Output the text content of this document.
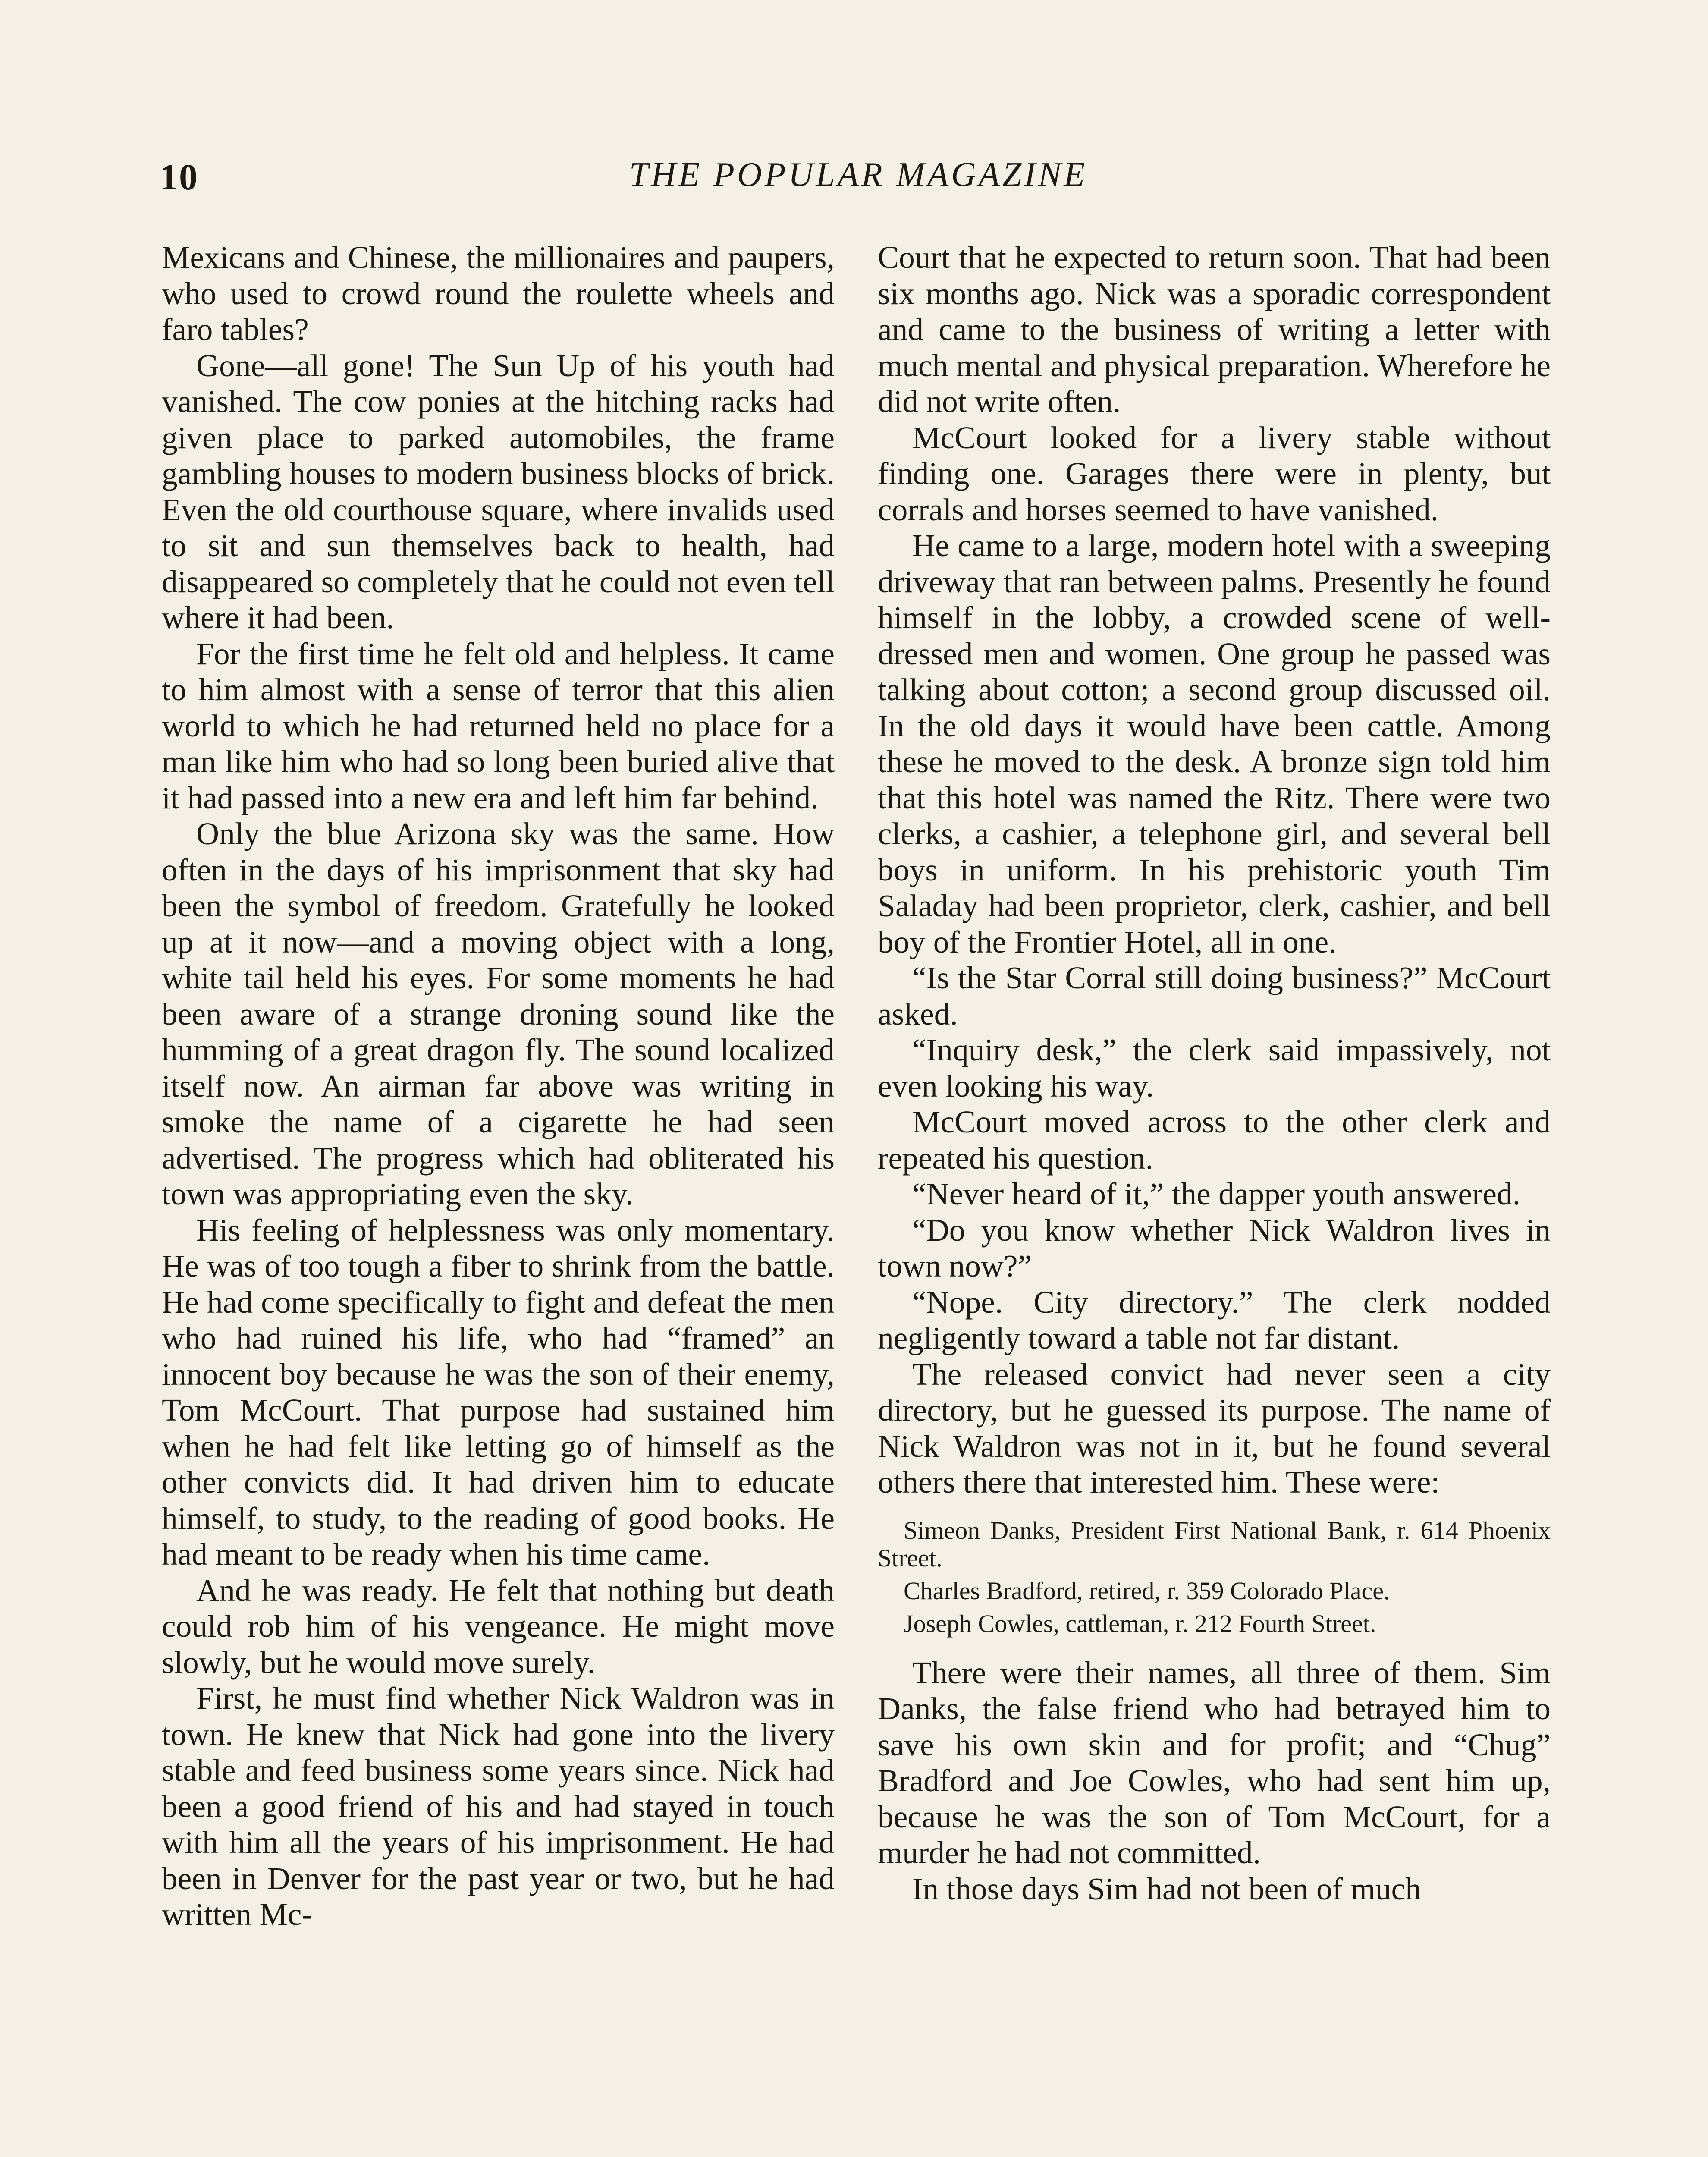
10	THE POPULAR MAGAZINE

Mexicans and Chinese, the millionaires and paupers, who used to crowd round the roulette wheels and faro tables?

Gone—all gone! The Sun Up of his youth had vanished. The cow ponies at the hitching racks had given place to parked automobiles, the frame gambling houses to modern business blocks of brick. Even the old courthouse square, where invalids used to sit and sun themselves back to health, had disappeared so completely that he could not even tell where it had been.

For the first time he felt old and helpless. It came to him almost with a sense of terror that this alien world to which he had returned held no place for a man like him who had so long been buried alive that it had passed into a new era and left him far behind.

Only the blue Arizona sky was the same. How often in the days of his imprisonment that sky had been the symbol of freedom. Gratefully he looked up at it now—and a moving object with a long, white tail held his eyes. For some moments he had been aware of a strange droning sound like the humming of a great dragon fly. The sound localized itself now. An airman far above was writing in smoke the name of a cigarette he had seen advertised. The progress which had obliterated his town was appropriating even the sky.

His feeling of helplessness was only momentary. He was of too tough a fiber to shrink from the battle. He had come specifically to fight and defeat the men who had ruined his life, who had “framed” an innocent boy because he was the son of their enemy, Tom McCourt. That purpose had sustained him when he had felt like letting go of himself as the other convicts did. It had driven him to educate himself, to study, to the reading of good books. He had meant to be ready when his time came.

And he was ready. He felt that nothing but death could rob him of his vengeance. He might move slowly, but he would move surely.

First, he must find whether Nick Waldron was in town. He knew that Nick had gone into the livery stable and feed business some years since. Nick had been a good friend of his and had stayed in touch with him all the years of his imprisonment. He had been in Denver for the past year or two, but he had written Mc-

Court that he expected to return soon. That had been six months ago. Nick was a sporadic correspondent and came to the business of writing a letter with much mental and physical preparation. Wherefore he did not write often.

McCourt looked for a livery stable without finding one. Garages there were in plenty, but corrals and horses seemed to have vanished.

He came to a large, modern hotel with a sweeping driveway that ran between palms. Presently he found himself in the lobby, a crowded scene of well-dressed men and women. One group he passed was talking about cotton; a second group discussed oil. In the old days it would have been cattle. Among these he moved to the desk. A bronze sign told him that this hotel was named the Ritz. There were two clerks, a cashier, a telephone girl, and several bell boys in uniform. In his prehistoric youth Tim Saladay had been proprietor, clerk, cashier, and bell boy of the Frontier Hotel, all in one.

“Is the Star Corral still doing business?” McCourt asked.

“Inquiry desk,” the clerk said impassively, not even looking his way.

McCourt moved across to the other clerk and repeated his question.

“Never heard of it,” the dapper youth answered.

“Do you know whether Nick Waldron lives in town now?”

“Nope. City directory.” The clerk nodded negligently toward a table not far distant.

The released convict had never seen a city directory, but he guessed its purpose. The name of Nick Waldron was not in it, but he found several others there that interested him. These were:

Simeon Danks, President First National Bank, r. 614 Phoenix Street.

Charles Bradford, retired, r. 359 Colorado Place.

Joseph Cowles, cattleman, r. 212 Fourth Street.

There were their names, all three of them. Sim Danks, the false friend who had betrayed him to save his own skin and for profit; and “Chug” Bradford and Joe Cowles, who had sent him up, because he was the son of Tom McCourt, for a murder he had not committed.

In those days Sim had not been of much
